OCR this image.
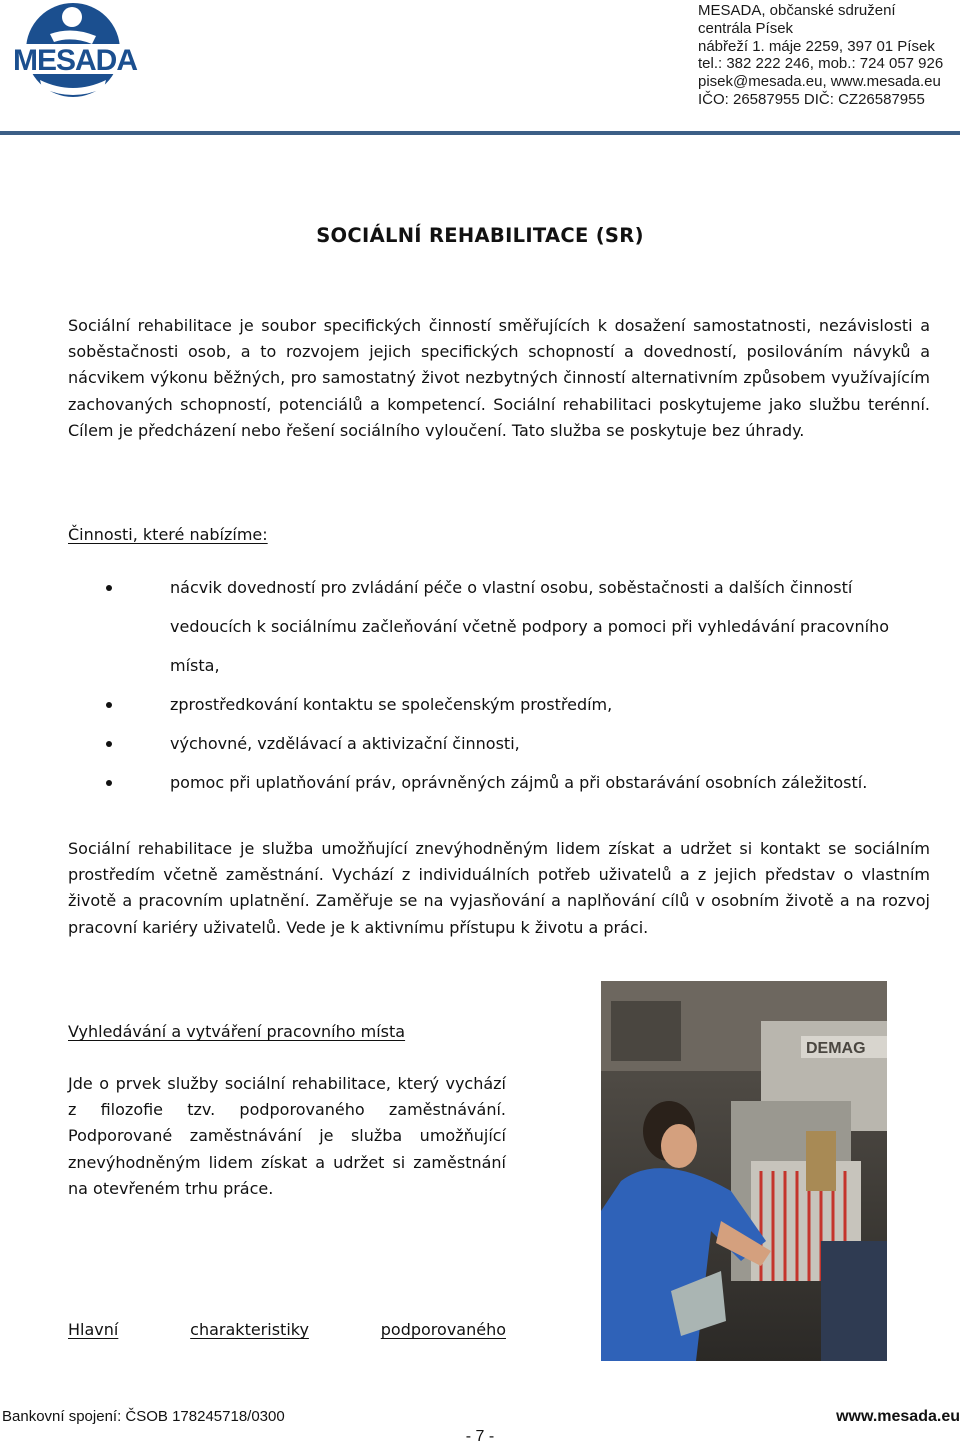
MESADA
MESADA, občanské sdružení
centrála Písek
nábřeží 1. máje 2259, 397 01 Písek
tel.: 382 222 246, mob.: 724 057 926
pisek@mesada.eu, www.mesada.eu
IČO: 26587955 DIČ: CZ26587955
SOCIÁLNÍ REHABILITACE (SR)
Sociální rehabilitace je soubor specifických činností směřujících k dosažení samostatnosti, nezávislosti a soběstačnosti osob, a to rozvojem jejich specifických schopností a dovedností, posilováním návyků a nácvikem výkonu běžných, pro samostatný život nezbytných činností alternativním způsobem využívajícím zachovaných schopností, potenciálů a kompetencí. Sociální rehabilitaci poskytujeme jako službu terénní. Cílem je předcházení nebo řešení sociálního vyloučení. Tato služba se poskytuje bez úhrady.
Činnosti, které nabízíme:
nácvik dovedností pro zvládání péče o vlastní osobu, soběstačnosti a dalších činností vedoucích k sociálnímu začleňování včetně podpory a pomoci při vyhledávání pracovního místa,
zprostředkování kontaktu se společenským prostředím,
výchovné, vzdělávací a aktivizační činnosti,
pomoc při uplatňování práv, oprávněných zájmů a při obstarávání osobních záležitostí.
Sociální rehabilitace je služba umožňující znevýhodněným lidem získat a udržet si kontakt se sociálním prostředím včetně zaměstnání. Vychází z individuálních potřeb uživatelů a z jejich představ o vlastním životě a pracovním uplatnění. Zaměřuje se na vyjasňování a naplňování cílů v osobním životě a na rozvoj pracovní kariéry uživatelů. Vede je k aktivnímu přístupu k životu a práci.
Vyhledávání a vytváření pracovního místa
Jde o prvek služby sociální rehabilitace, který vychází z filozofie tzv. podporovaného zaměstnávání. Podporované zaměstnávání je služba umožňující znevýhodněným lidem získat a udržet si zaměstnání na otevřeném trhu práce.
Hlavní	charakteristiky	podporovaného
DEMAG
Bankovní spojení: ČSOB 178245718/0300	www.mesada.eu
- 7 -
